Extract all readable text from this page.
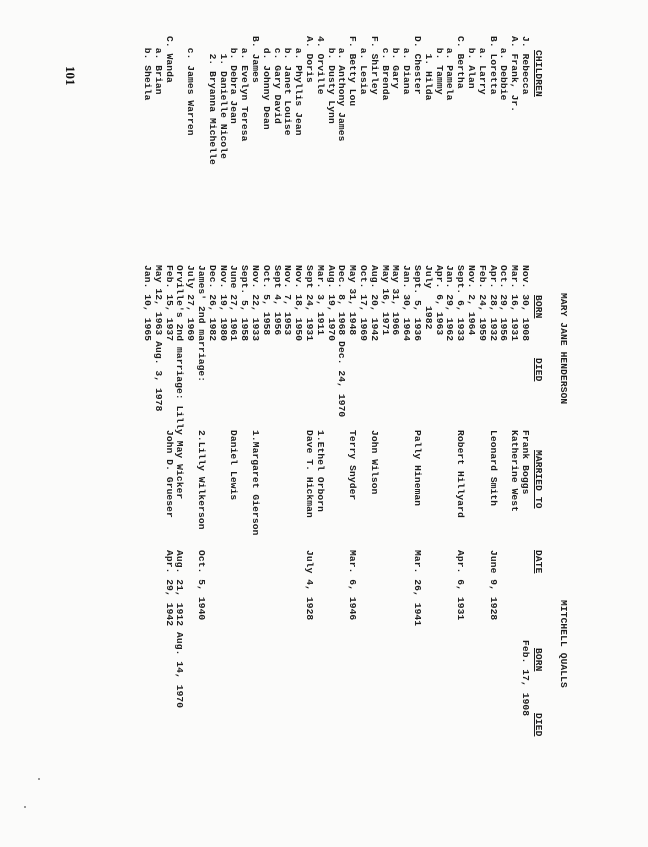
101
MARY JANE HENDERSON
MITCHELL QUALLS
CHILDREN
BORN
DIED
MARRIED TO
DATE
BORN
DIED
J. Rebecca
Nov. 30, 1908
Frank Boggs
Feb. 17, 1908
A. Frank, Jr.
Mar. 16, 1931
Katherine West
a. Debbie
Oct. 29, 1956
B. Loretta
Apr. 28, 1932
Leonard Smith
June 9, 1928
a. Larry
Feb. 24, 1959
b. Alan
Nov. 2, 1964
C. Bertha
Sept. 6, 1933
Robert Hillyard
Apr. 6, 1931
a. Pamela
Jan. 29, 1962
b. Tammy
Apr. 6, 1963
1. Hilda
July   1982
D. Chester
Sept. 5, 1936
Pally Hineman
Mar. 26, 1941
a. Diana
Jan. 30, 1964
b. Gary
May 31, 1966
c. Brenda
May 16, 1971
F. Shirley
Aug. 20, 1942
John Wilson
a. Lesia
Oct. 17, 1969
F. Betty Lou
May 31, 1948
Terry Snyder
Mar. 6, 1946
a. Anthony James
Dec. 8, 1968 Dec. 24, 1970
b. Dusty Lynn
Aug. 19, 1970
4. Orville
Mar. 3, 1911
1.Ethel Orborn
A. Doris
Sept 24, 1931
Dave T. Hickman
July 4, 1928
a. Phyllis Jean
Nov. 18, 1950
b. Janet Louise
Nov. 7, 1953
c. Gary David
Sept 4, 1956
d. Johnny Dean
Oct. 5, 1958
B. James
Nov. 22, 1933
1.Margaret Gierson
a. Evelyn Teresa
Sept. 5, 1958
b. Debra Jean
June 27, 1961
Daniel Lewis
1. Danielle Nicole
Nov. 19, 1980
2. Bryanna Michelle
Dec. 26, 1982
James' 2nd marriage:
2.Lilly Wilkerson
Oct. 5, 1940
c. James Warren
July 27, 1969
Orville's 2nd marriage: Lilly May Wicker
Aug. 21, 1912 Aug. 14, 1970
C. Wanda
Feb. 15, 1937
John D. Grueser
Apr. 29, 1942
a. Brian
May 12, 1963 Aug. 3, 1978
b. Sheila
Jan. 10, 1965
